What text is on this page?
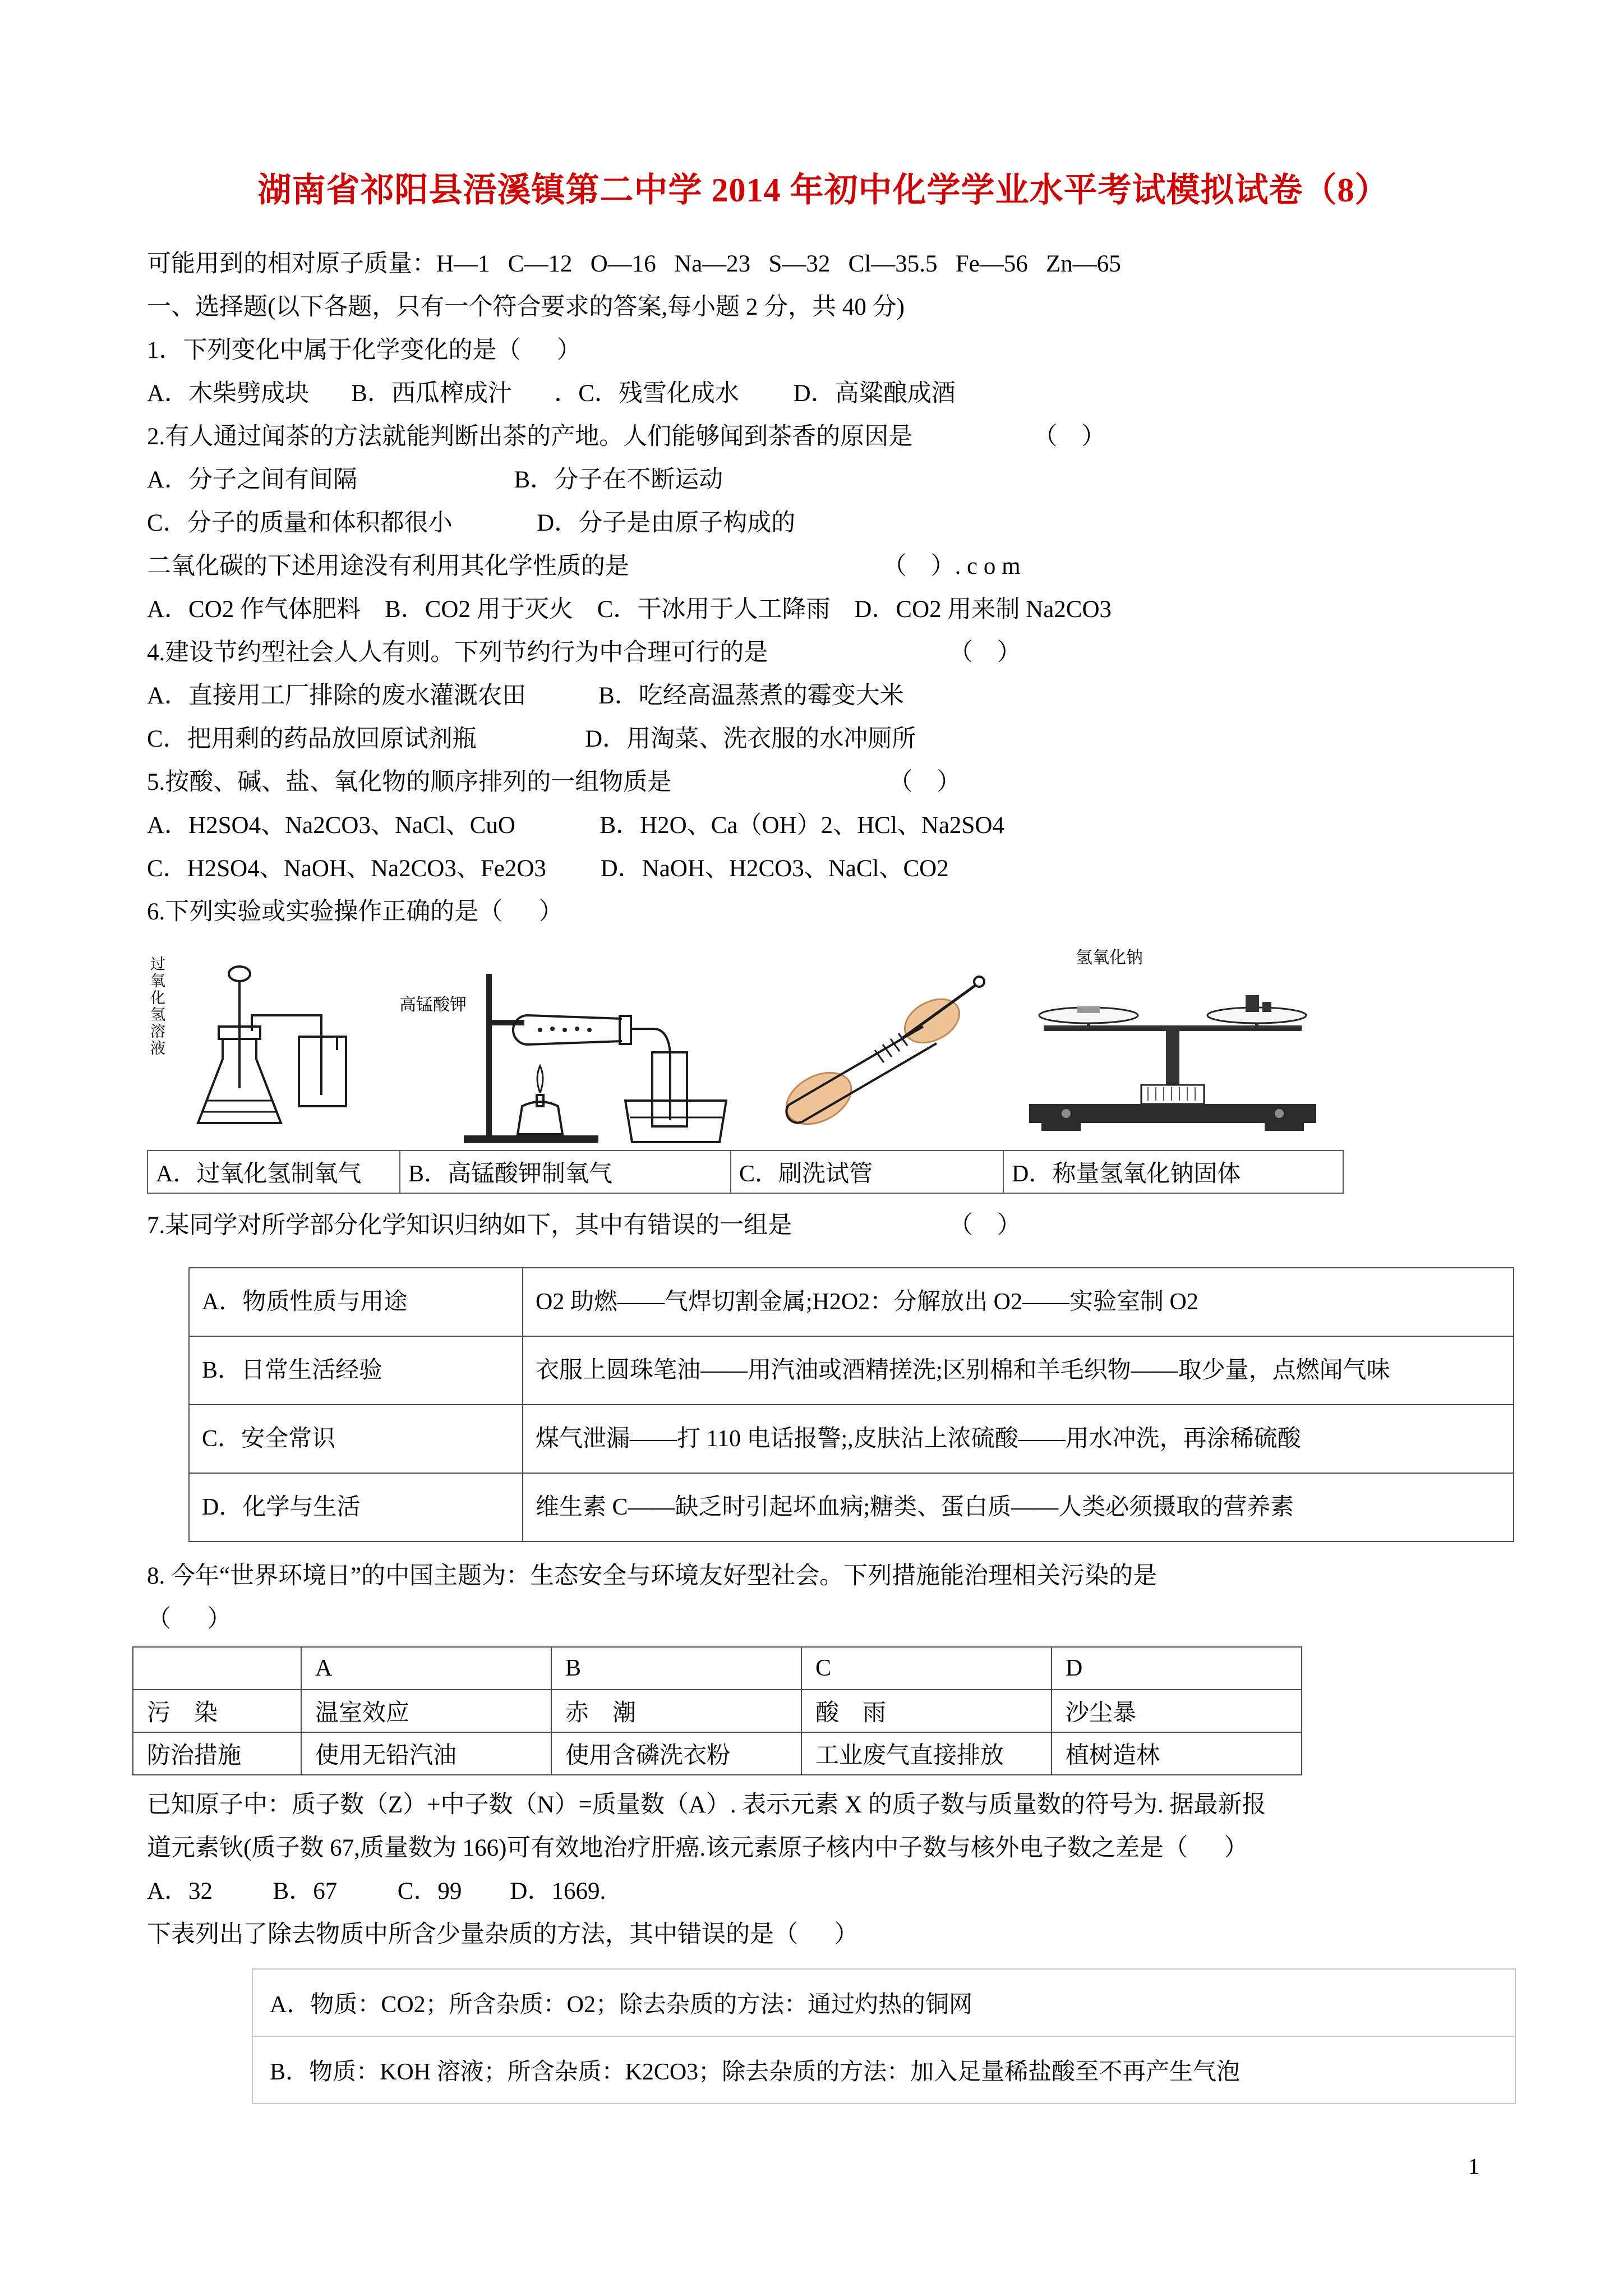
湖南省祁阳县浯溪镇第二中学 2014 年初中化学学业水平考试模拟试卷（8）
可能用到的相对原子质量：H—1   C—12   O—16   Na—23   S—32   Cl—35.5   Fe—56   Zn—65
一、选择题(以下各题，只有一个符合要求的答案,每小题 2 分，共 40 分)
1．下列变化中属于化学变化的是（      ）
A．木柴劈成块       B．西瓜榨成汁       ．C．残雪化成水         D．高粱酿成酒
2.有人通过闻茶的方法就能判断出茶的产地。人们能够闻到茶香的原因是                    （    ）
A．分子之间有间隔                          B．分子在不断运动
C．分子的质量和体积都很小              D．分子是由原子构成的
二氧化碳的下述用途没有利用其化学性质的是                                          （    ）. c o m
A．CO2 作气体肥料    B．CO2 用于灭火    C．干冰用于人工降雨    D．CO2 用来制 Na2CO3
4.建设节约型社会人人有则。下列节约行为中合理可行的是                              （    ）
A．直接用工厂排除的废水灌溉农田            B．吃经高温蒸煮的霉变大米
C．把用剩的药品放回原试剂瓶                  D．用淘菜、洗衣服的水冲厕所
5.按酸、碱、盐、氧化物的顺序排列的一组物质是                                    （    ）
A．H2SO4、Na2CO3、NaCl、CuO              B．H2O、Ca（OH）2、HCl、Na2SO4
C．H2SO4、NaOH、Na2CO3、Fe2O3         D．NaOH、H2CO3、NaCl、CO2
6.下列实验或实验操作正确的是（      ）
过氧化氢溶液	高锰酸钾
氢氧化钠
A．过氧化氢制氧气	B．高锰酸钾制氧气	C．刷洗试管	D．称量氢氧化钠固体
7.某同学对所学部分化学知识归纳如下，其中有错误的一组是                          （    ）
A．物质性质与用途	O2 助燃——气焊切割金属;H2O2：分解放出 O2——实验室制 O2
B．日常生活经验	衣服上圆珠笔油——用汽油或酒精搓洗;区别棉和羊毛织物——取少量，点燃闻气味
C．安全常识	煤气泄漏——打 110 电话报警;,皮肤沾上浓硫酸——用水冲洗，再涂稀硫酸
D．化学与生活	维生素 C——缺乏时引起坏血病;糖类、蛋白质——人类必须摄取的营养素
8. 今年“世界环境日”的中国主题为：生态安全与环境友好型社会。下列措施能治理相关污染的是
（      ）
	A	B	C	D
污    染	温室效应	赤    潮	酸    雨	沙尘暴
防治措施	使用无铅汽油	使用含磷洗衣粉	工业废气直接排放	植树造林
已知原子中：质子数（Z）+中子数（N）=质量数（A）. 表示元素 X 的质子数与质量数的符号为. 据最新报
道元素钬(质子数 67,质量数为 166)可有效地治疗肝癌.该元素原子核内中子数与核外电子数之差是（      ）
A．32          B．67          C．99        D．1669.
下表列出了除去物质中所含少量杂质的方法，其中错误的是（      ）
A．物质：CO2；所含杂质：O2；除去杂质的方法：通过灼热的铜网
B．物质：KOH 溶液；所含杂质：K2CO3；除去杂质的方法：加入足量稀盐酸至不再产生气泡
1
